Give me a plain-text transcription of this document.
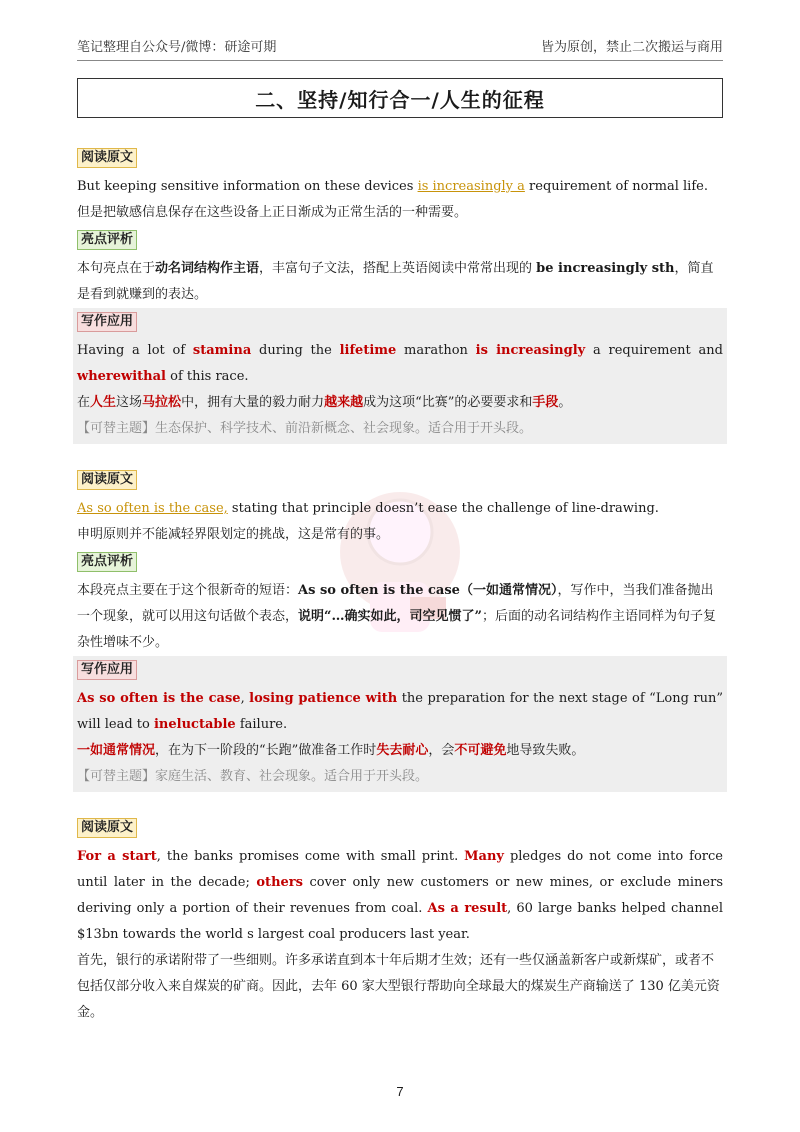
笔记整理自公众号/微博：研途可期	皆为原创，禁止二次搬运与商用
二、坚持/知行合一/人生的征程
阅读原文

But keeping sensitive information on these devices is increasingly a requirement of normal life.

但是把敏感信息保存在这些设备上正日渐成为正常生活的一种需要。

亮点评析

本句亮点在于动名词结构作主语，丰富句子文法，搭配上英语阅读中常常出现的 be increasingly sth，简直是看到就赚到的表达。

写作应用

Having a lot of stamina during the lifetime marathon is increasingly a requirement and wherewithal of this race.

在人生这场马拉松中，拥有大量的毅力耐力越来越成为这项“比赛”的必要要求和手段。

【可替主题】生态保护、科学技术、前沿新概念、社会现象。适合用于开头段。

阅读原文

As so often is the case, stating that principle doesn’t ease the challenge of line-drawing.

申明原则并不能减轻界限划定的挑战，这是常有的事。

亮点评析

本段亮点主要在于这个很新奇的短语：As so often is the case（一如通常情况），写作中，当我们准备抛出一个现象，就可以用这句话做个表态，说明“…确实如此，司空见惯了”；后面的动名词结构作主语同样为句子复杂性增味不少。

写作应用

As so often is the case, losing patience with the preparation for the next stage of “Long run” will lead to ineluctable failure.

一如通常情况，在为下一阶段的“长跑”做准备工作时失去耐心，会不可避免地导致失败。

【可替主题】家庭生活、教育、社会现象。适合用于开头段。

阅读原文

For a start, the banks promises come with small print. Many pledges do not come into force until later in the decade; others cover only new customers or new mines, or exclude miners deriving only a portion of their revenues from coal. As a result, 60 large banks helped channel $13bn towards the world s largest coal producers last year.

首先，银行的承诺附带了一些细则。许多承诺直到本十年后期才生效；还有一些仅涵盖新客户或新煤矿，或者不包括仅部分收入来自煤炭的矿商。因此，去年 60 家大型银行帮助向全球最大的煤炭生产商输送了 130 亿美元资金。

7
